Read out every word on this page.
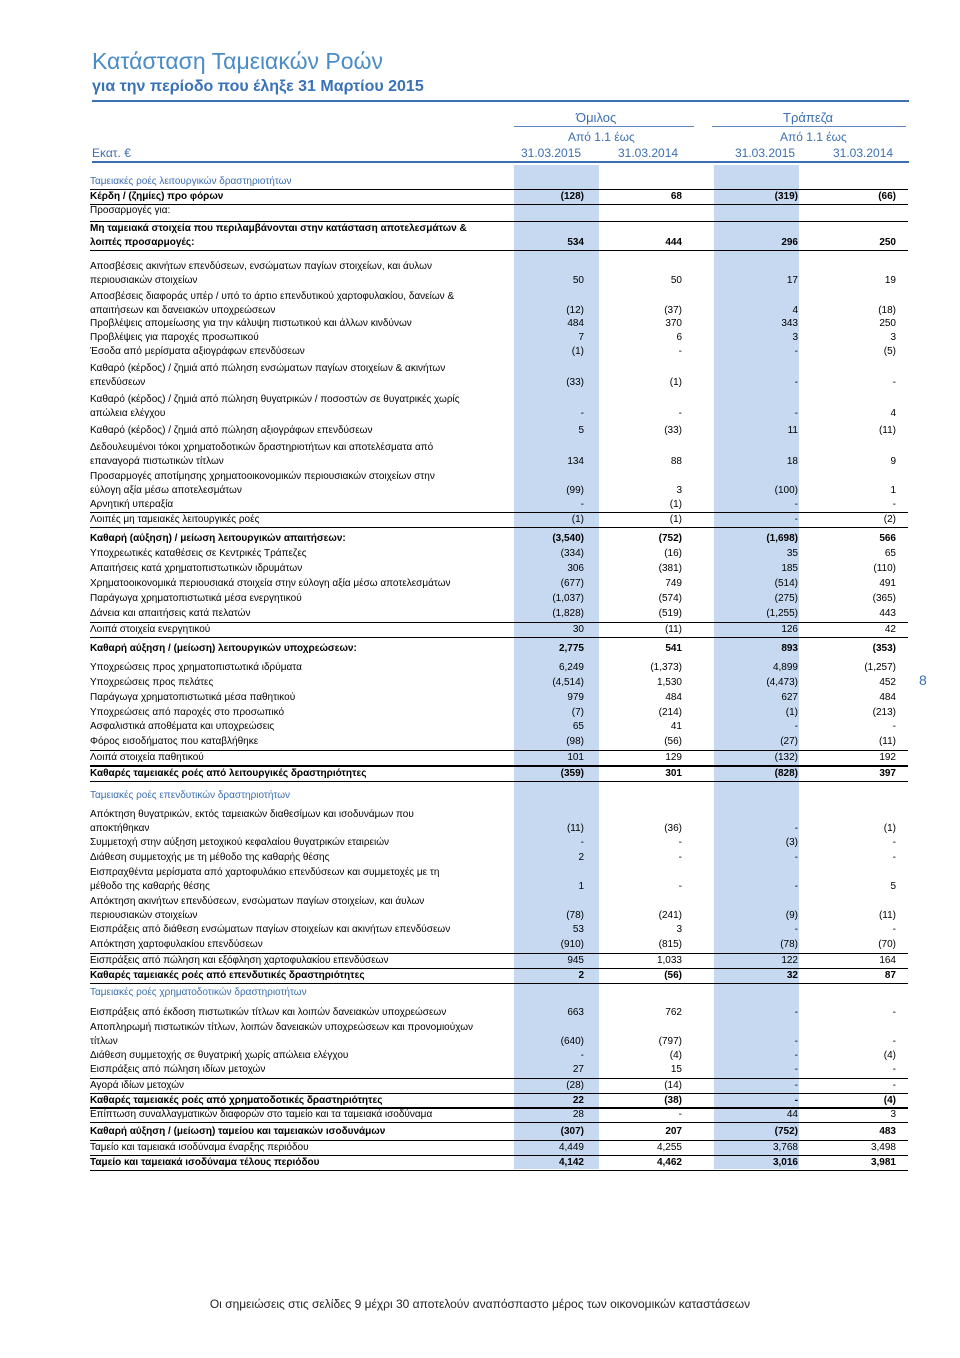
Κατάσταση Ταμειακών Ροών
για την περίοδο που έληξε 31 Μαρτίου 2015
Όμιλος	Τράπεζα
Από 1.1 έως	Από 1.1 έως
Εκατ. €	31.03.2015	31.03.2014	31.03.2015	31.03.2014
Ταμειακές ροές λειτουργικών δραστηριοτήτων
Κέρδη / (ζημίες) προ φόρων	(128)	68	(319)	(66)
Προσαρμογές για:
Μη ταμειακά στοιχεία που περιλαμβάνονται στην κατάσταση αποτελεσμάτων &
λοιπές προσαρμογές:	534	444	296	250
Αποσβέσεις ακινήτων επενδύσεων, ενσώματων παγίων στοιχείων, και άυλων
περιουσιακών στοιχείων	50	50	17	19
Αποσβέσεις διαφοράς υπέρ / υπό το άρτιο επενδυτικού χαρτοφυλακίου, δανείων &
απαιτήσεων και δανειακών υποχρεώσεων	(12)	(37)	4	(18)
Προβλέψεις απομείωσης για την κάλυψη πιστωτικού και άλλων κινδύνων	484	370	343	250
Προβλέψεις για παροχές προσωπικού	7	6	3	3
Έσοδα από μερίσματα αξιογράφων επενδύσεων	(1)	-	-	(5)
Καθαρό (κέρδος) / ζημιά από πώληση ενσώματων παγίων στοιχείων & ακινήτων
επενδύσεων	(33)	(1)	-	-
Καθαρό (κέρδος) / ζημιά από πώληση θυγατρικών / ποσοστών σε θυγατρικές χωρίς
απώλεια ελέγχου	-	-	-	4
Καθαρό (κέρδος) / ζημιά από πώληση αξιογράφων επενδύσεων	5	(33)	11	(11)
Δεδουλευμένοι τόκοι χρηματοδοτικών δραστηριοτήτων και αποτελέσματα από
επαναγορά πιστωτικών τίτλων	134	88	18	9
Προσαρμογές αποτίμησης χρηματοοικονομικών περιουσιακών στοιχείων στην
εύλογη αξία μέσω αποτελεσμάτων	(99)	3	(100)	1
Αρνητική υπεραξία	-	(1)	-	-
Λοιπές μη ταμειακές λειτουργικές ροές	(1)	(1)	-	(2)
Καθαρή (αύξηση) / μείωση λειτουργικών απαιτήσεων:	(3,540)	(752)	(1,698)	566
Υποχρεωτικές καταθέσεις σε Κεντρικές Τράπεζες	(334)	(16)	35	65
Απαιτήσεις κατά χρηματοπιστωτικών ιδρυμάτων	306	(381)	185	(110)
Χρηματοοικονομικά περιουσιακά στοιχεία στην εύλογη αξία μέσω αποτελεσμάτων	(677)	749	(514)	491
Παράγωγα χρηματοπιστωτικά μέσα ενεργητικού	(1,037)	(574)	(275)	(365)
Δάνεια και απαιτήσεις κατά πελατών	(1,828)	(519)	(1,255)	443
Λοιπά στοιχεία ενεργητικού	30	(11)	126	42
Καθαρή αύξηση / (μείωση) λειτουργικών υποχρεώσεων:	2,775	541	893	(353)
Υποχρεώσεις προς χρηματοπιστωτικά ιδρύματα	6,249	(1,373)	4,899	(1,257)
Υποχρεώσεις προς πελάτες	(4,514)	1,530	(4,473)	452
Παράγωγα χρηματοπιστωτικά μέσα παθητικού	979	484	627	484
Υποχρεώσεις από παροχές στο προσωπικό	(7)	(214)	(1)	(213)
Ασφαλιστικά αποθέματα και υποχρεώσεις	65	41	-	-
Φόρος εισοδήματος που καταβλήθηκε	(98)	(56)	(27)	(11)
Λοιπά στοιχεία παθητικού	101	129	(132)	192
Καθαρές ταμειακές ροές από λειτουργικές δραστηριότητες	(359)	301	(828)	397
Ταμειακές ροές επενδυτικών δραστηριοτήτων
Απόκτηση θυγατρικών, εκτός ταμειακών διαθεσίμων και ισοδυνάμων που
αποκτήθηκαν	(11)	(36)	-	(1)
Συμμετοχή στην αύξηση μετοχικού κεφαλαίου θυγατρικών εταιρειών	-	-	(3)	-
Διάθεση συμμετοχής με τη μέθοδο της καθαρής θέσης	2	-	-	-
Εισπραχθέντα μερίσματα από χαρτοφυλάκιο επενδύσεων και συμμετοχές με τη
μέθοδο της καθαρής θέσης	1	-	-	5
Απόκτηση ακινήτων επενδύσεων, ενσώματων παγίων στοιχείων, και άυλων
περιουσιακών στοιχείων	(78)	(241)	(9)	(11)
Εισπράξεις από διάθεση ενσώματων παγίων στοιχείων και ακινήτων επενδύσεων	53	3	-	-
Απόκτηση χαρτοφυλακίου επενδύσεων	(910)	(815)	(78)	(70)
Εισπράξεις από πώληση και εξόφληση χαρτοφυλακίου επενδύσεων	945	1,033	122	164
Καθαρές ταμειακές ροές από επενδυτικές δραστηριότητες	2	(56)	32	87
Ταμειακές ροές χρηματοδοτικών δραστηριοτήτων
Εισπράξεις από έκδοση πιστωτικών τίτλων και λοιπών δανειακών υποχρεώσεων	663	762	-	-
Αποπληρωμή πιστωτικών τίτλων, λοιπών δανειακών υποχρεώσεων και προνομιούχων
τίτλων	(640)	(797)	-	-
Διάθεση συμμετοχής σε θυγατρική χωρίς απώλεια ελέγχου	-	(4)	-	(4)
Εισπράξεις από πώληση ιδίων μετοχών	27	15	-	-
Αγορά ιδίων μετοχών	(28)	(14)	-	-
Καθαρές ταμειακές ροές από χρηματοδοτικές δραστηριότητες	22	(38)	-	(4)
Επίπτωση συναλλαγματικών διαφορών στο ταμείο και τα ταμειακά ισοδύναμα	28	-	44	3
Καθαρή αύξηση / (μείωση) ταμείου και ταμειακών ισοδυνάμων	(307)	207	(752)	483
Ταμείο και ταμειακά ισοδύναμα έναρξης περιόδου	4,449	4,255	3,768	3,498
Ταμείο και ταμειακά ισοδύναμα τέλους περιόδου	4,142	4,462	3,016	3,981
8
Οι σημειώσεις στις σελίδες 9 μέχρι 30 αποτελούν αναπόσπαστο μέρος των οικονομικών καταστάσεων
